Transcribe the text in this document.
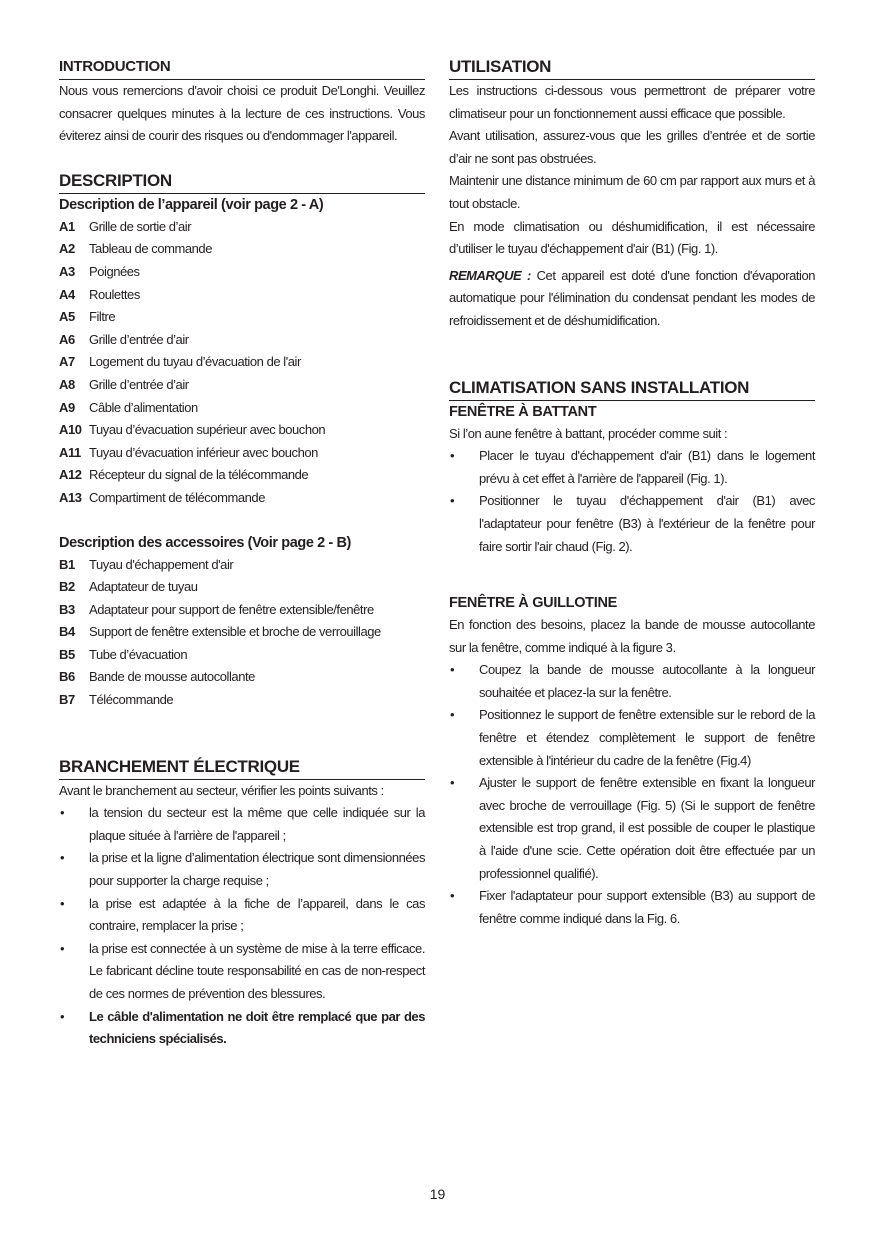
INTRODUCTION
Nous vous remercions d'avoir choisi ce produit De'Longhi. Veuillez consacrer quelques minutes à la lecture de ces instructions. Vous éviterez ainsi de courir des risques ou d'endommager l'appareil.
DESCRIPTION
Description de l’appareil (voir page 2 - A)
A1	Grille de sortie d’air
A2	Tableau de commande
A3	Poignées
A4	Roulettes
A5	Filtre
A6	Grille d’entrée d’air
A7	Logement du tuyau d’évacuation de l'air
A8	Grille d’entrée d’air
A9	Câble d’alimentation
A10 Tuyau d’évacuation supérieur avec bouchon
A11 Tuyau d’évacuation inférieur avec bouchon
A12 Récepteur du signal de la télécommande
A13 Compartiment de télécommande
Description des accessoires (Voir page 2 - B)
B1	Tuyau d'échappement d'air
B2	Adaptateur de tuyau
B3	Adaptateur pour support de fenêtre extensible/fenêtre
B4	Support de fenêtre extensible et broche de verrouillage
B5	Tube d’évacuation
B6	Bande de mousse autocollante
B7	Télécommande
BRANCHEMENT ÉLECTRIQUE
Avant le branchement au secteur, vérifier les points suivants :
•	la tension du secteur est la même que celle indiquée sur la plaque située à l'arrière de l'appareil ;
•	la prise et la ligne d’alimentation électrique sont dimensionnées pour supporter la charge requise ;
•	la prise est adaptée à la fiche de l’appareil, dans le cas contraire, remplacer la prise ;
•	la prise est connectée à un système de mise à la terre efficace. Le fabricant décline toute responsabilité en cas de non-respect de ces normes de prévention des blessures.
•	Le câble d'alimentation ne doit être remplacé que par des techniciens spécialisés.
UTILISATION
Les instructions ci-dessous vous permettront de préparer votre climatiseur pour un fonctionnement aussi efficace que possible.
Avant utilisation, assurez-vous que les grilles d’entrée et de sortie d’air ne sont pas obstruées.
Maintenir une distance minimum de 60 cm par rapport aux murs et à tout obstacle.
En mode climatisation ou déshumidification, il est nécessaire d’utiliser le tuyau d'échappement d'air (B1) (Fig. 1).
REMARQUE : Cet appareil est doté d'une fonction d'évaporation automatique pour l'élimination du condensat pendant les modes de refroidissement et de déshumidification.
CLIMATISATION SANS INSTALLATION
FENÊTRE À BATTANT
Si l’on aune fenêtre à battant, procéder comme suit :
•	Placer le tuyau d'échappement d'air (B1) dans le logement prévu à cet effet à l'arrière de l'appareil (Fig. 1).
•	Positionner le tuyau d'échappement d'air (B1) avec l'adaptateur pour fenêtre (B3) à l'extérieur de la fenêtre pour faire sortir l'air chaud (Fig. 2).
FENÊTRE À GUILLOTINE
En fonction des besoins, placez la bande de mousse autocollante sur la fenêtre, comme indiqué à la figure 3.
•	Coupez la bande de mousse autocollante à la longueur souhaitée et placez-la sur la fenêtre.
•	Positionnez le support de fenêtre extensible sur le rebord de la fenêtre et étendez complètement le support de fenêtre extensible à l'intérieur du cadre de la fenêtre (Fig.4)
•	Ajuster le support de fenêtre extensible en fixant la longueur avec broche de verrouillage (Fig. 5) (Si le support de fenêtre extensible est trop grand, il est possible de couper le plastique à l'aide d'une scie. Cette opération doit être effectuée par un professionnel qualifié).
•	Fixer l'adaptateur pour support extensible (B3) au support de fenêtre comme indiqué dans la Fig. 6.
19
